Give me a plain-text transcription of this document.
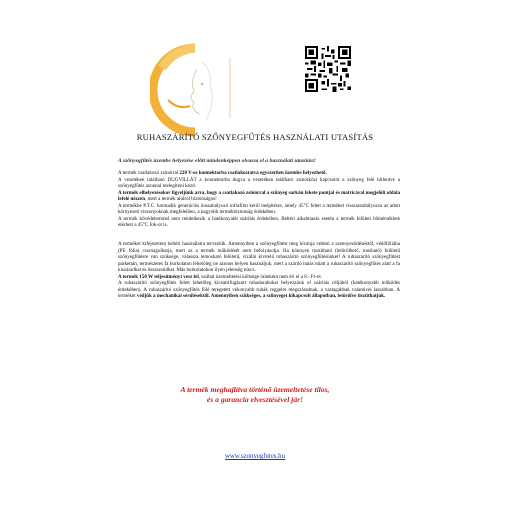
RUHASZÁRÍTÓ SZŐNYEGFŰTÉS HASZNÁLATI UTASÍTÁS
A szőnyegfűtés üzembe helyezése előtt mindenképpen olvassa el a használati utasítást!

A termék csatlakozó zsinórral 220 V-os konnektorba csatlakoztatva egyszerűen üzembe helyezhető.

A vezetéken található DUGVILLÁT a konnektorba dugva a vezetéken található zsinórközi kapcsolót a szőnyeg felé billentve a szőnyegfűtés azonnal melegíteni kezd.

A termék elhelyezésekor figyeljünk arra, hogy a csatlakozó zsinórral a szőnyeg sarkán fekete pontjal és matricával megjelölt oldala lefelé nézzen, mert a termék alulról biztonságos!

A termékbe P.T.C. harmadik generációs önszabályozó infrafilm kerül beépítésre, amely 45°C felett a terméket visszaszabályozza az adott környezeti viszonyoknak megfelelően, a nagyobb termékbiztonság érdekében.

A termék hővédelemmel nem rendelkezik a hatékonyabb szárítás érdekében. Beltéri alkalmazás esetén a termék felületi hőmérséklete elérheti a 45°C fok-ot is.

A terméket kifejezetten beltéri használatra terveztük. Amennyiben a szőnyegfűtést meg kívánja védeni a szennyeződésektől, védőfóliába (PE fólia) csomagolhatja, mert az a termék működését nem befolyásolja. Ha könnyen tisztítható (letörölhető, mosható) felületű szőnyegfűtésre van szüksége, válassza lemosható felületű, vízálló kivitelű ruhaszárító szőnyegfűtésünket! A ruhaszárító szőnyegfűtést parkettán, természetes fa burkolaton lehetőleg ne azonos helyen használjuk, mert a szárító hatás miatt a ruhaszárító szőnyegfűtés alatt a fa kiszáradhat és összezsúdhat. Más burkolatokon ilyen jelenség nincs.

A termék 150 W teljesítményt vesz fel, ezáltal üzemeltetési költsége óránként nem éri el a 8.- Ft-ot.

A ruhaszárító szőnyegfűtés felett lehetőleg kiceatrifugázott ruhadarabokat helyezzünk el szárítás céljából (hatékonyabb működés érdekében). A ruhaszárító szőnyegfűtés fölé teregetett vékonyabb ruhák reggelre megszáradnak, a vastagabbak valamivel lassabban. A terméket védjük a mechanikai sérülésektől. Amennyiben szükséges, a szőnyeget kikapcsolt állapotban, letörölve tisztíthatjuk.

A termék meghajlítva történő üzemeltetése tilos,
és a garancia elvesztésével jár!
www.szonyegfutes.hu
